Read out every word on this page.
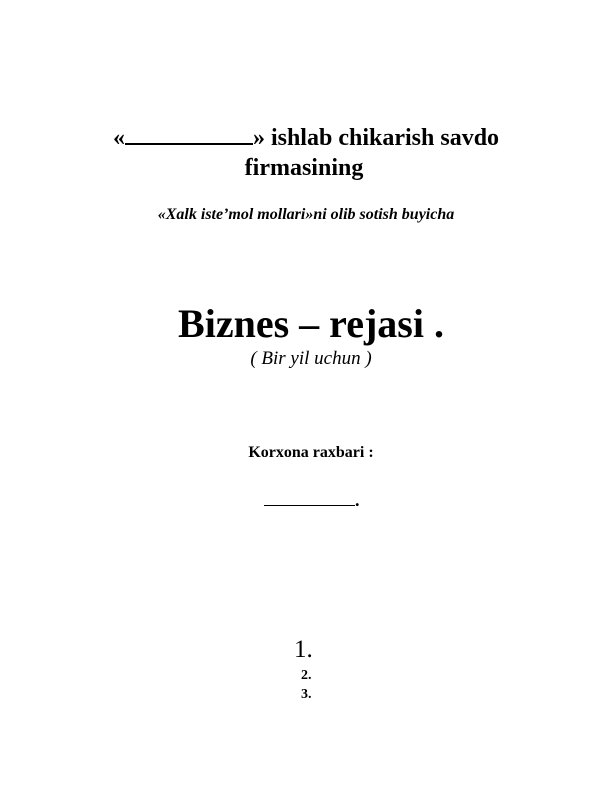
«	» ishlab chikarish savdo
firmasining
«Xalk iste’mol mollari»ni olib sotish buyicha
Biznes – rejasi .
( Bir yil uchun )
Korxona raxbari :
.
1.
2.
3.
